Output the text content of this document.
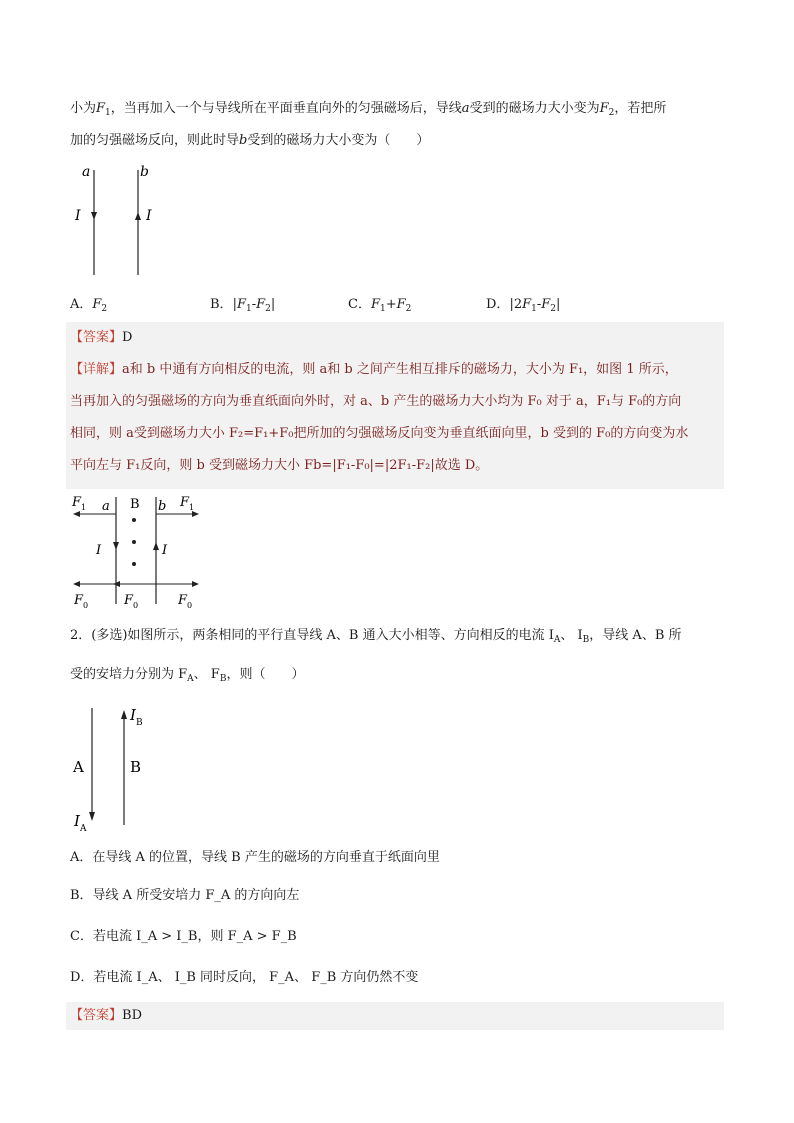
小为$F_1$，当再加入一个与导线所在平面垂直向外的匀强磁场后，导线a受到的磁场力大小变为$F_2$，若把所
加的匀强磁场反向，则此时导b受到的磁场力大小变为（　　）
a	b
I	I
A．$F_2$	B．$|F_1-F_2|$	C．$F_1+F_2$	D．$|2F_1-F_2|$
【答案】D
【详解】a和 b 中通有方向相反的电流，则 a和 b 之间产生相互排斥的磁场力，大小为 F₁，如图 1 所示，
当再加入的匀强磁场的方向为垂直纸面向外时，对 a、b 产生的磁场力大小均为 F₀ 对于 a，F₁与 F₀的方向
相同，则 a受到磁场力大小 F₂=F₁+F₀把所加的匀强磁场反向变为垂直纸面向里，b 受到的 F₀的方向变为水
平向左与 F₁反向，则 b 受到磁场力大小 Fb=|F₁-F₀|=|2F₁-F₂|故选 D。
F 1	F 1
a B b
I	I
F 0	F 0	F 0
2．(多选)如图所示，两条相同的平行直导线 A、B 通入大小相等、方向相反的电流 $I_A$、 $I_B$，导线 A、B 所
受的安培力分别为 $F_A$、 $F_B$，则（　　）
I B
A	B
I A
A．在导线 A 的位置，导线 B 产生的磁场的方向垂直于纸面向里
B．导线 A 所受安培力 F_A 的方向向左
C．若电流 I_A > I_B，则 F_A > F_B
D．若电流 I_A、 I_B 同时反向， F_A、 F_B 方向仍然不变
【答案】BD
